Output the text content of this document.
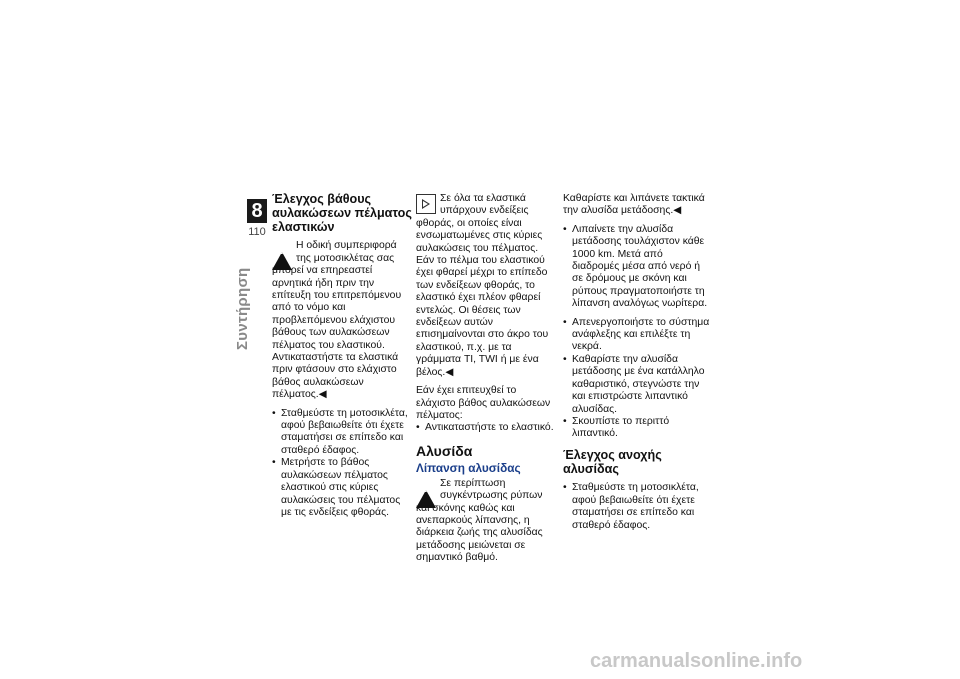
8
110
Συντήρηση
Έλεγχος βάθους αυλακώσεων πέλματος ελαστικών

! Η οδική συμπεριφορά της μοτοσικλέτας σας μπορεί να επηρεαστεί αρνητικά ήδη πριν την επίτευξη του επιτρεπόμενου από το νόμο και προβλεπόμενου ελάχιστου βάθους των αυλακώσεων πέλματος του ελαστικού. Αντικαταστήστε τα ελαστικά πριν φτάσουν στο ελάχιστο βάθος αυλακώσεων πέλματος.◀

• Σταθμεύστε τη μοτοσικλέτα, αφού βεβαιωθείτε ότι έχετε σταματήσει σε επίπεδο και σταθερό έδαφος.
• Μετρήστε το βάθος αυλακώσεων πέλματος ελαστικού στις κύριες αυλακώσεις του πέλματος με τις ενδείξεις φθοράς.

Σε όλα τα ελαστικά υπάρχουν ενδείξεις φθοράς, οι οποίες είναι ενσωματωμένες στις κύριες αυλακώσεις του πέλματος. Εάν το πέλμα του ελαστικού έχει φθαρεί μέχρι το επίπεδο των ενδείξεων φθοράς, το ελαστικό έχει πλέον φθαρεί εντελώς. Οι θέσεις των ενδείξεων αυτών επισημαίνονται στο άκρο του ελαστικού, π.χ. με τα γράμματα TI, TWI ή με ένα βέλος.◀

Εάν έχει επιτευχθεί το ελάχιστο βάθος αυλακώσεων πέλματος:

• Αντικαταστήστε το ελαστικό.
Αλυσίδα
Λίπανση αλυσίδας

! Σε περίπτωση συγκέντρωσης ρύπων και σκόνης καθώς και ανεπαρκούς λίπανσης, η διάρκεια ζωής της αλυσίδας μετάδοσης μειώνεται σε σημαντικό βαθμό.

Καθαρίστε και λιπάνετε τακτικά την αλυσίδα μετάδοσης.◀

• Λιπαίνετε την αλυσίδα μετάδοσης τουλάχιστον κάθε 1000 km. Μετά από διαδρομές μέσα από νερό ή σε δρόμους με σκόνη και ρύπους πραγματοποιήστε τη λίπανση αναλόγως νωρίτερα.
• Απενεργοποιήστε το σύστημα ανάφλεξης και επιλέξτε τη νεκρά.
• Καθαρίστε την αλυσίδα μετάδοσης με ένα κατάλληλο καθαριστικό, στεγνώστε την και επιστρώστε λιπαντικό αλυσίδας.
• Σκουπίστε το περιττό λιπαντικό.
Έλεγχος ανοχής αλυσίδας
• Σταθμεύστε τη μοτοσικλέτα, αφού βεβαιωθείτε ότι έχετε σταματήσει σε επίπεδο και σταθερό έδαφος.
carmanualsonline.info
